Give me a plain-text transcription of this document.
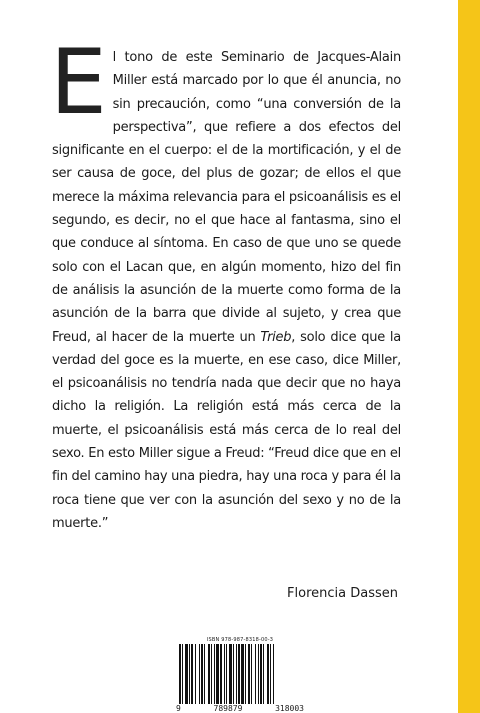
E l tono de este Seminario de Jacques-Alain Miller está marcado por lo que él anuncia, no sin precaución, como “una conversión de la perspectiva”, que refiere a dos efectos del significante en el cuerpo: el de la mortificación, y el de ser causa de goce, del plus de gozar; de ellos el que merece la máxima relevancia para el psicoanálisis es el segundo, es decir, no el que hace al fantasma, sino el que conduce al síntoma. En caso de que uno se quede solo con el Lacan que, en algún momento, hizo del fin de análisis la asunción de la muerte como forma de la asunción de la barra que divide al sujeto, y crea que Freud, al hacer de la muerte un Trieb, solo dice que la verdad del goce es la muerte, en ese caso, dice Miller, el psicoanálisis no tendría nada que decir que no haya dicho la religión. La religión está más cerca de la muerte, el psicoanálisis está más cerca de lo real del sexo. En esto Miller sigue a Freud: “Freud dice que en el fin del camino hay una piedra, hay una roca y para él la roca tiene que ver con la asunción del sexo y no de la muerte.”

Florencia Dassen
ISBN 978-987-8318-00-3
9	789879	318003
